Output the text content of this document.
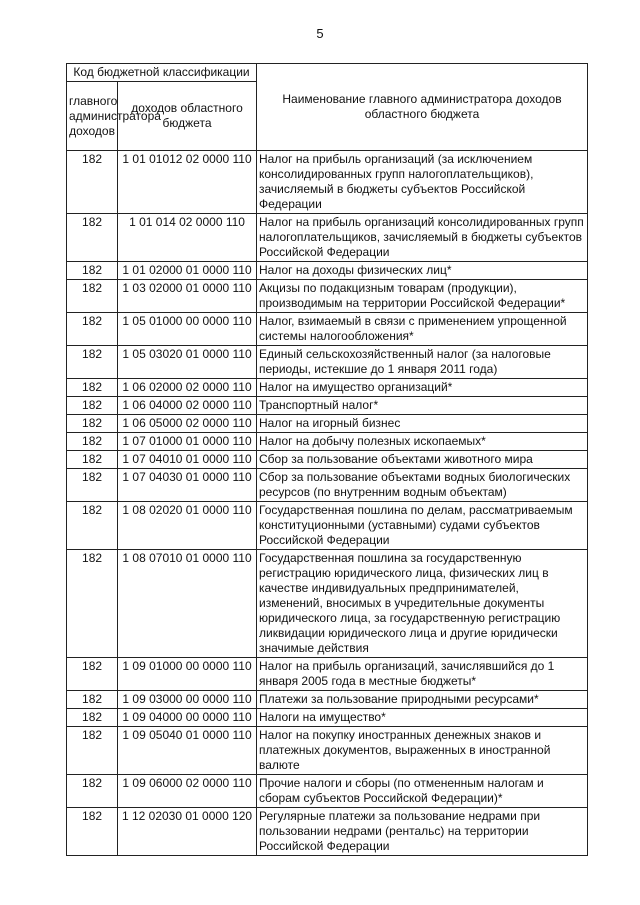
5
Код бюджетной классификации		Наименование главного администратора доходов областного бюджета
главного администратора доходов	доходов областного бюджета	
182	1 01 01012 02 0000 110	Налог на прибыль организаций (за исключением консолидированных групп налогоплательщиков), зачисляемый в бюджеты субъектов Российской Федерации
182	1 01 014 02 0000 110	Налог на прибыль организаций консолидированных групп налогоплательщиков, зачисляемый в бюджеты субъектов Российской Федерации
182	1 01 02000 01 0000 110	Налог на доходы физических лиц*
182	1 03 02000 01 0000 110	Акцизы по подакцизным товарам (продукции), производимым на территории Российской Федерации*
182	1 05 01000 00 0000 110	Налог, взимаемый в связи с применением упрощенной системы налогообложения*
182	1 05 03020 01 0000 110	Единый сельскохозяйственный налог (за налоговые периоды, истекшие до 1 января 2011 года)
182	1 06 02000 02 0000 110	Налог на имущество организаций*
182	1 06 04000 02 0000 110	Транспортный налог*
182	1 06 05000 02 0000 110	Налог на игорный бизнес
182	1 07 01000 01 0000 110	Налог на добычу полезных ископаемых*
182	1 07 04010 01 0000 110	Сбор за пользование объектами животного мира
182	1 07 04030 01 0000 110	Сбор за пользование объектами водных биологических ресурсов (по внутренним водным объектам)
182	1 08 02020 01 0000 110	Государственная пошлина по делам, рассматриваемым конституционными (уставными) судами субъектов Российской Федерации
182	1 08 07010 01 0000 110	Государственная пошлина за государственную регистрацию юридического лица, физических лиц в качестве индивидуальных предпринимателей, изменений, вносимых в учредительные документы юридического лица, за государственную регистрацию ликвидации юридического лица и другие юридически значимые действия
182	1 09 01000 00 0000 110	Налог на прибыль организаций, зачислявшийся до 1 января 2005 года в местные бюджеты*
182	1 09 03000 00 0000 110	Платежи за пользование природными ресурсами*
182	1 09 04000 00 0000 110	Налоги на имущество*
182	1 09 05040 01 0000 110	Налог на покупку иностранных денежных знаков и платежных документов, выраженных в иностранной валюте
182	1 09 06000 02 0000 110	Прочие налоги и сборы (по отмененным налогам и сборам субъектов Российской Федерации)*
182	1 12 02030 01 0000 120	Регулярные платежи за пользование недрами при пользовании недрами (рентальс) на территории Российской Федерации
